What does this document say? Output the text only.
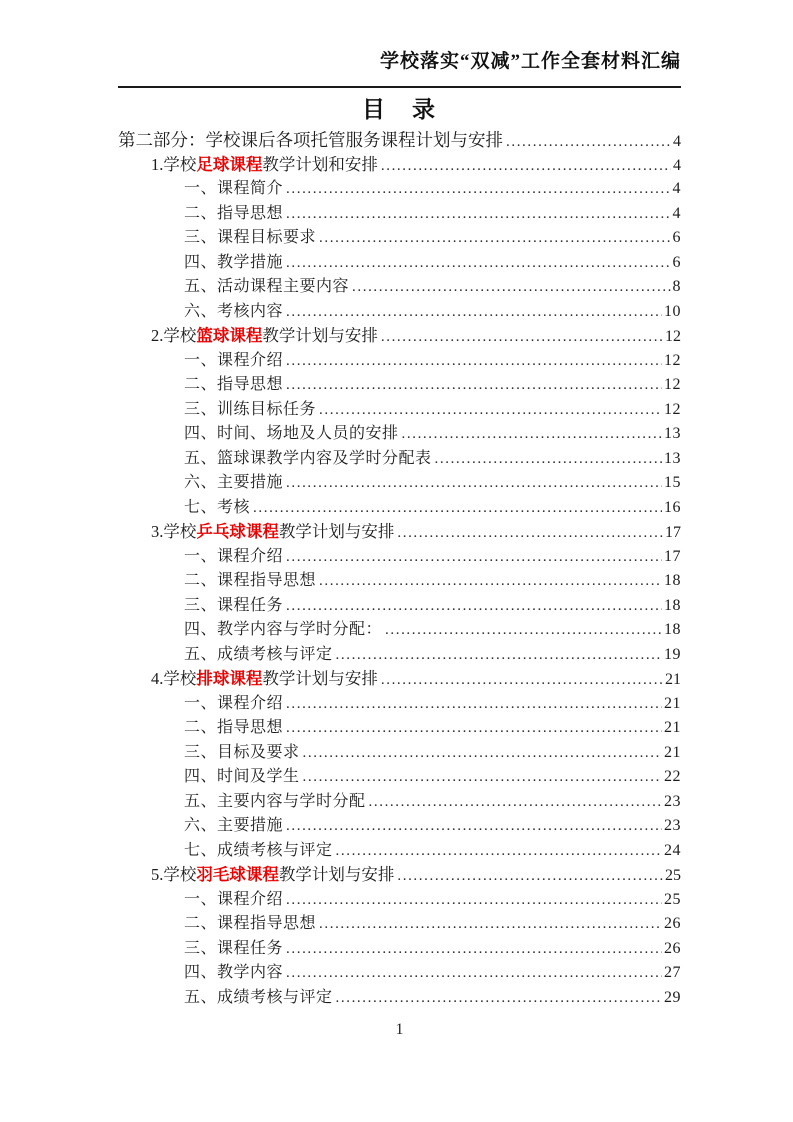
学校落实“双减”工作全套材料汇编
目　录
第二部分：学校课后各项托管服务课程计划与安排 .....	4
1.学校足球课程教学计划和安排 .....	4
一、课程简介 .....	4
二、指导思想 .....	4
三、课程目标要求 .....	6
四、教学措施 .....	6
五、活动课程主要内容 .....	8
六、考核内容 .....	10
2.学校篮球课程教学计划与安排 .....	12
一、课程介绍 .....	12
二、指导思想 .....	12
三、训练目标任务 .....	12
四、时间、场地及人员的安排 .....	13
五、篮球课教学内容及学时分配表 .....	13
六、主要措施 .....	15
七、考核 .....	16
3.学校乒乓球课程教学计划与安排 .....	17
一、课程介绍 .....	17
二、课程指导思想 .....	18
三、课程任务 .....	18
四、教学内容与学时分配： .....	18
五、成绩考核与评定 .....	19
4.学校排球课程教学计划与安排 .....	21
一、课程介绍 .....	21
二、指导思想 .....	21
三、目标及要求 .....	21
四、时间及学生 .....	22
五、主要内容与学时分配 .....	23
六、主要措施 .....	23
七、成绩考核与评定 .....	24
5.学校羽毛球课程教学计划与安排 .....	25
一、课程介绍 .....	25
二、课程指导思想 .....	26
三、课程任务 .....	26
四、教学内容 .....	27
五、成绩考核与评定 .....	29
1
